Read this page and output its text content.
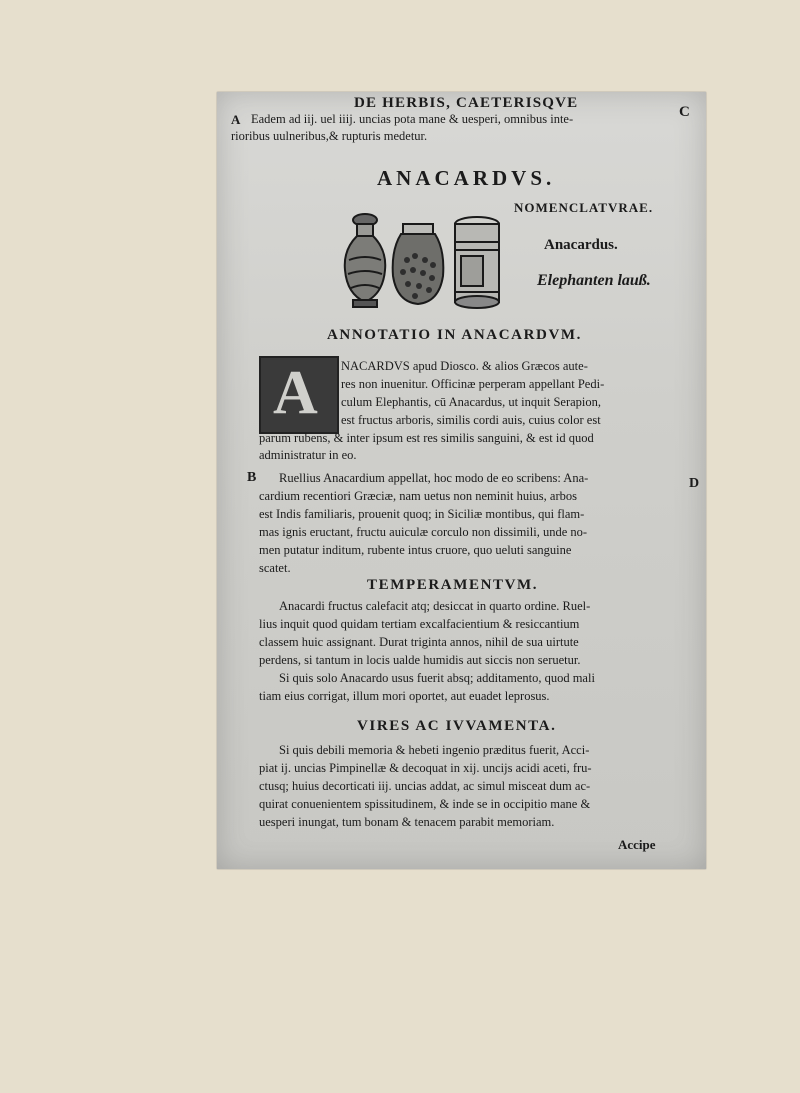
DE HERBIS, CAETERISQVE
C
A Eadem ad iij. uel iiij. uncias pota mane & uesperi, omnibus inte-
rioribus uulneribus,& rupturis medetur.
ANACARDVS.
NOMENCLATVRAE.
Anacardus.
Elephanten lauß.
ANNOTATIO IN ANACARDVM.
A NACARDVS apud Diosco. & alios Græcos aute-
res non inuenitur. Officinæ perperam appellant Pedi-
culum Elephantis, cū Anacardus, ut inquit Serapion,
est fructus arboris, similis cordi auis, cuius color est
parum rubens, & inter ipsum est res similis sanguini, & est id quod
administratur in eo.
B	D
Ruellius Anacardium appellat, hoc modo de eo scribens: Ana-
cardium recentiori Græciæ, nam uetus non neminit huius, arbos
est Indis familiaris, prouenit quoq; in Siciliæ montibus, qui flam-
mas ignis eructant, fructu auiculæ corculo non dissimili, unde no-
men putatur inditum, rubente intus cruore, quo ueluti sanguine
scatet.
TEMPERAMENTVM.
Anacardi fructus calefacit atq; desiccat in quarto ordine. Ruel-
lius inquit quod quidam tertiam excalfacientium & resiccantium
classem huic assignant. Durat triginta annos, nihil de sua uirtute
perdens, si tantum in locis ualde humidis aut siccis non seruetur.
Si quis solo Anacardo usus fuerit absq; additamento, quod mali
tiam eius corrigat, illum mori oportet, aut euadet leprosus.
VIRES AC IVVAMENTA.
Si quis debili memoria & hebeti ingenio præditus fuerit, Acci-
piat ij. uncias Pimpinellæ & decoquat in xij. uncijs acidi aceti, fru-
ctusq; huius decorticati iij. uncias addat, ac simul misceat dum ac-
quirat conuenientem spissitudinem, & inde se in occipitio mane &
uesperi inungat, tum bonam & tenacem parabit memoriam.
Accipe
